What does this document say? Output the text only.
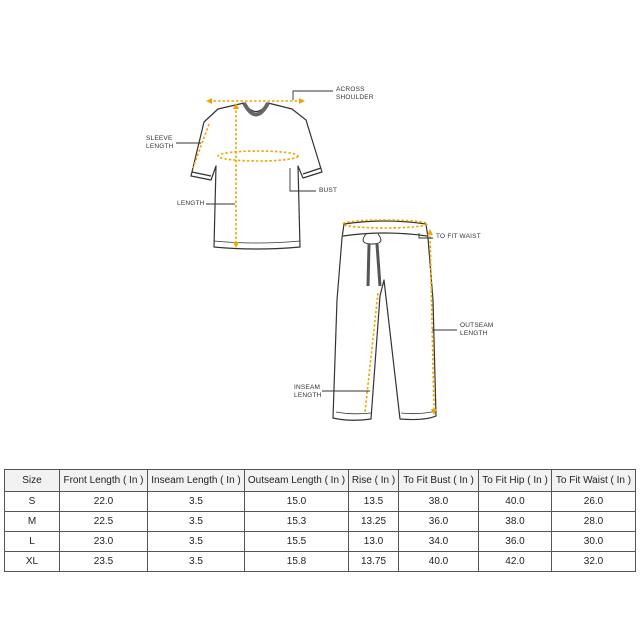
ACROSS
SHOULDER
SLEEVE
LENGTH
BUST
LENGTH
TO FIT WAIST
OUTSEAM
LENGTH
INSEAM
LENGTH
Size	Front Length ( In )	Inseam Length ( In )	Outseam Length ( In )	Rise ( In )	To Fit Bust ( In )	To Fit Hip ( In )	To Fit Waist ( In )
S	22.0	3.5	15.0	13.5	38.0	40.0	26.0
M	22.5	3.5	15.3	13.25	36.0	38.0	28.0
L	23.0	3.5	15.5	13.0	34.0	36.0	30.0
XL	23.5	3.5	15.8	13.75	40.0	42.0	32.0
